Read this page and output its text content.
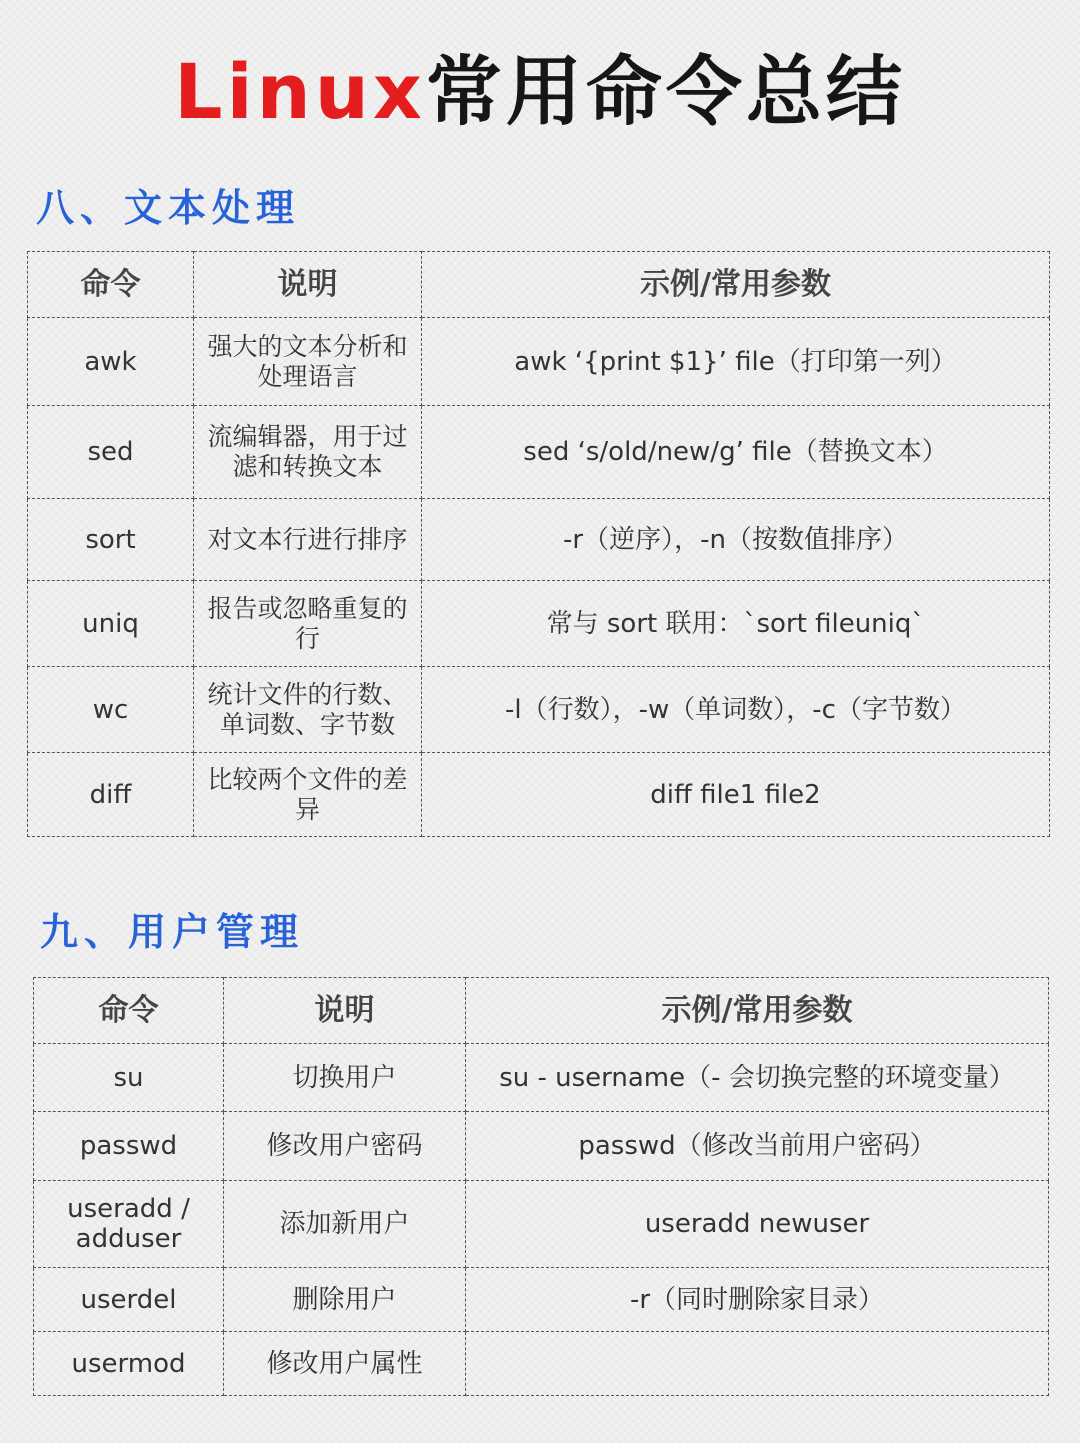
Linux常用命令总结
八、文本处理
命令	说明	示例/常用参数
awk	强大的文本分析和处理语言	awk ‘{print $1}’ file（打印第一列）
sed	流编辑器，用于过滤和转换文本	sed ‘s/old/new/g’ file（替换文本）
sort	对文本行进行排序	-r（逆序），-n（按数值排序）
uniq	报告或忽略重复的行	常与 sort 联用：`sort fileuniq`
wc	统计文件的行数、单词数、字节数	-l（行数），-w（单词数），-c（字节数）
diff	比较两个文件的差异	diff file1 file2
九、用户管理
命令	说明	示例/常用参数
su	切换用户	su - username（- 会切换完整的环境变量）
passwd	修改用户密码	passwd（修改当前用户密码）
useradd / adduser	添加新用户	useradd newuser
userdel	删除用户	-r（同时删除家目录）
usermod	修改用户属性	
